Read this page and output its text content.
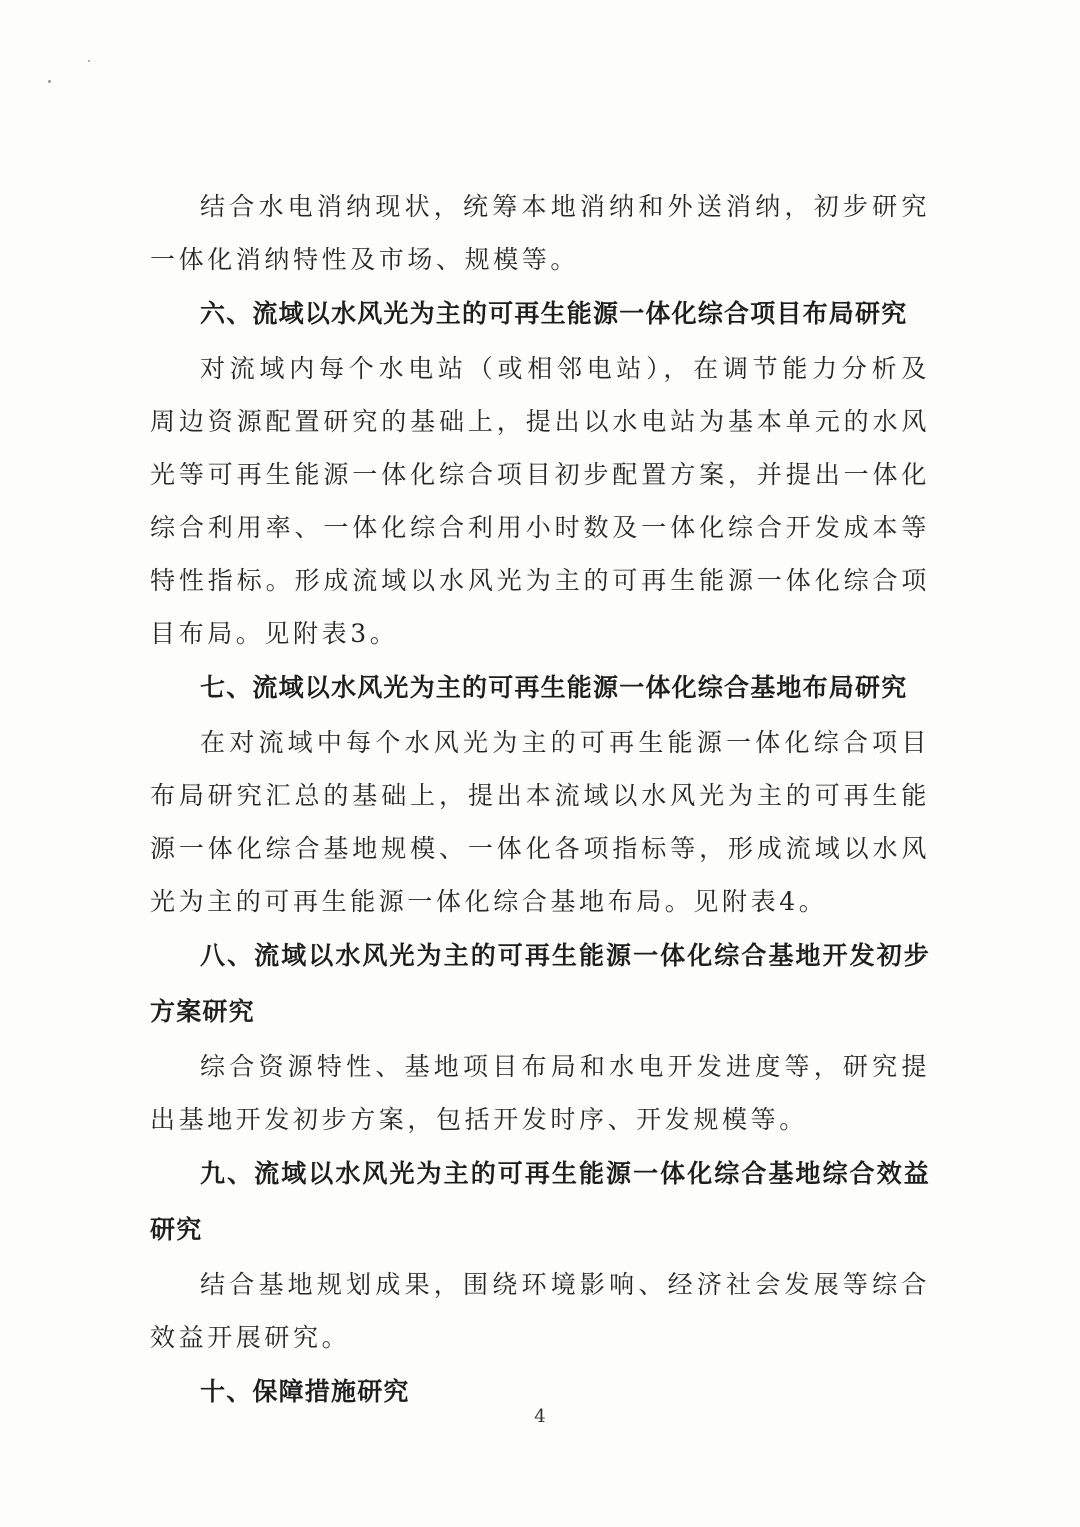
结合水电消纳现状，统筹本地消纳和外送消纳，初步研究一体化消纳特性及市场、规模等。

六、流域以水风光为主的可再生能源一体化综合项目布局研究

对流域内每个水电站（或相邻电站），在调节能力分析及周边资源配置研究的基础上，提出以水电站为基本单元的水风光等可再生能源一体化综合项目初步配置方案，并提出一体化综合利用率、一体化综合利用小时数及一体化综合开发成本等特性指标。形成流域以水风光为主的可再生能源一体化综合项目布局。见附表3。

七、流域以水风光为主的可再生能源一体化综合基地布局研究

在对流域中每个水风光为主的可再生能源一体化综合项目布局研究汇总的基础上，提出本流域以水风光为主的可再生能源一体化综合基地规模、一体化各项指标等，形成流域以水风光为主的可再生能源一体化综合基地布局。见附表4。

八、流域以水风光为主的可再生能源一体化综合基地开发初步方案研究

综合资源特性、基地项目布局和水电开发进度等，研究提出基地开发初步方案，包括开发时序、开发规模等。

九、流域以水风光为主的可再生能源一体化综合基地综合效益研究

结合基地规划成果，围绕环境影响、经济社会发展等综合效益开展研究。

十、保障措施研究

4
